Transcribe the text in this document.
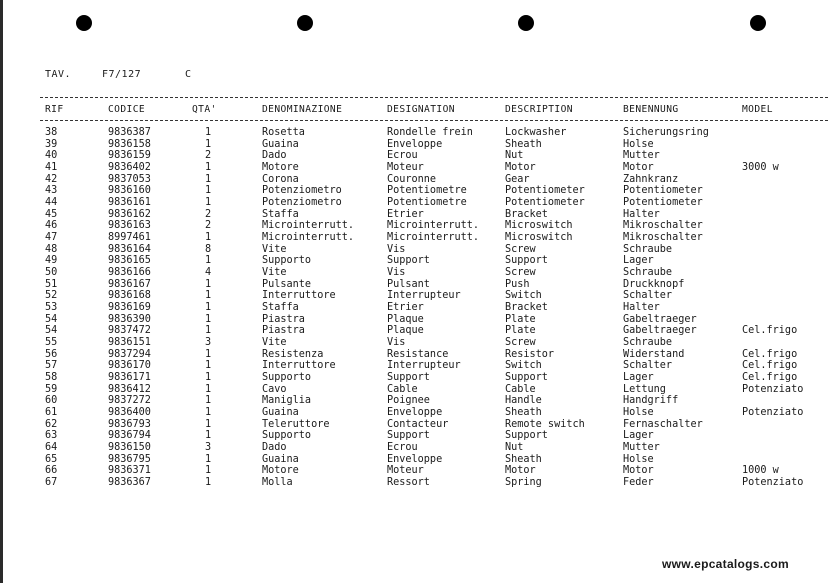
TAV.	F7/127	C
RIF	CODICE	QTA'	DENOMINAZIONE	DESIGNATION	DESCRIPTION	BENENNUNG	MODEL
38	9836387	1	Rosetta	Rondelle frein	Lockwasher	Sicherungsring
39	9836158	1	Guaina	Enveloppe	Sheath	Holse
40	9836159	2	Dado	Ecrou	Nut	Mutter
41	9836402	1	Motore	Moteur	Motor	Motor	3000 w
42	9837053	1	Corona	Couronne	Gear	Zahnkranz
43	9836160	1	Potenziometro	Potentiometre	Potentiometer	Potentiometer
44	9836161	1	Potenziometro	Potentiometre	Potentiometer	Potentiometer
45	9836162	2	Staffa	Etrier	Bracket	Halter
46	9836163	2	Microinterrutt.	Microinterrutt.	Microswitch	Mikroschalter
47	8997461	1	Microinterrutt.	Microinterrutt.	Microswitch	Mikroschalter
48	9836164	8	Vite	Vis	Screw	Schraube
49	9836165	1	Supporto	Support	Support	Lager
50	9836166	4	Vite	Vis	Screw	Schraube
51	9836167	1	Pulsante	Pulsant	Push	Druckknopf
52	9836168	1	Interruttore	Interrupteur	Switch	Schalter
53	9836169	1	Staffa	Etrier	Bracket	Halter
54	9836390	1	Piastra	Plaque	Plate	Gabeltraeger
54	9837472	1	Piastra	Plaque	Plate	Gabeltraeger	Cel.frigo
55	9836151	3	Vite	Vis	Screw	Schraube
56	9837294	1	Resistenza	Resistance	Resistor	Widerstand	Cel.frigo
57	9836170	1	Interruttore	Interrupteur	Switch	Schalter	Cel.frigo
58	9836171	1	Supporto	Support	Support	Lager	Cel.frigo
59	9836412	1	Cavo	Cable	Cable	Lettung	Potenziato
60	9837272	1	Maniglia	Poignee	Handle	Handgriff
61	9836400	1	Guaina	Enveloppe	Sheath	Holse	Potenziato
62	9836793	1	Teleruttore	Contacteur	Remote switch	Fernaschalter
63	9836794	1	Supporto	Support	Support	Lager
64	9836150	3	Dado	Ecrou	Nut	Mutter
65	9836795	1	Guaina	Enveloppe	Sheath	Holse
66	9836371	1	Motore	Moteur	Motor	Motor	1000 w
67	9836367	1	Molla	Ressort	Spring	Feder	Potenziato
www.epcatalogs.com
